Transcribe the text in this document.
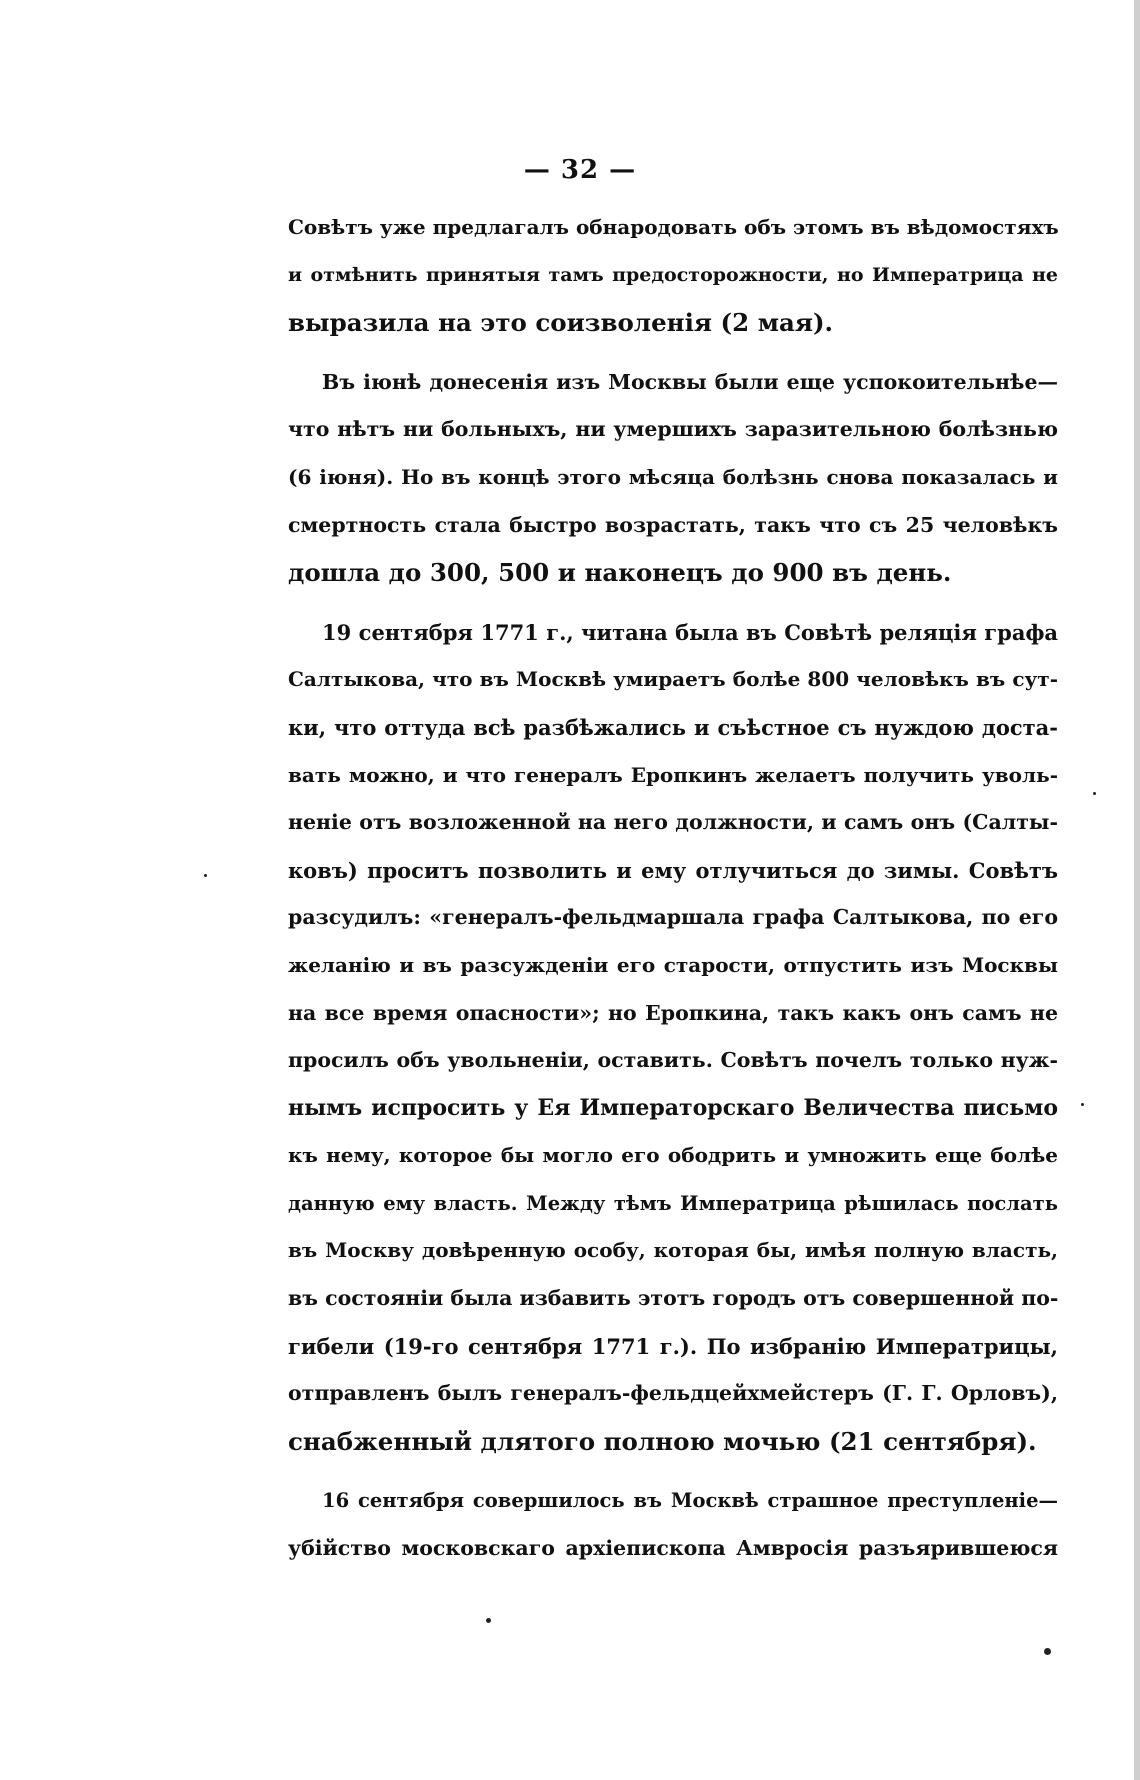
— 32 —
Совѣтъ уже предлагалъ обнародовать объ этомъ въ вѣдомостяхъ
и отмѣнить принятыя тамъ предосторожности, но Императрица не
выразила на это соизволенія (2 мая).
Въ іюнѣ донесенія изъ Москвы были еще успокоительнѣе—
что нѣтъ ни больныхъ, ни умершихъ заразительною болѣзнью
(6 іюня). Но въ концѣ этого мѣсяца болѣзнь снова показалась и
смертность стала быстро возрастать, такъ что съ 25 человѣкъ
дошла до 300, 500 и наконецъ до 900 въ день.
19 сентября 1771 г., читана была въ Совѣтѣ реляція графа
Салтыкова, что въ Москвѣ умираетъ болѣе 800 человѣкъ въ сут-
ки, что оттуда всѣ разбѣжались и съѣстное съ нуждою доста-
вать можно, и что генералъ Еропкинъ желаетъ получить уволь-
неніе отъ возложенной на него должности, и самъ онъ (Салты-
ковъ) проситъ позволить и ему отлучиться до зимы. Совѣтъ
разсудилъ: «генералъ-фельдмаршала графа Салтыкова, по его
желанію и въ разсужденіи его старости, отпустить изъ Москвы
на все время опасности»; но Еропкина, такъ какъ онъ самъ не
просилъ объ увольненіи, оставить. Совѣтъ почелъ только нуж-
нымъ испросить у Ея Императорскаго Величества письмо
къ нему, которое бы могло его ободрить и умножить еще болѣе
данную ему власть. Между тѣмъ Императрица рѣшилась послать
въ Москву довѣренную особу, которая бы, имѣя полную власть,
въ состояніи была избавить этотъ городъ отъ совершенной по-
гибели (19-го сентября 1771 г.). По избранію Императрицы,
отправленъ былъ генералъ-фельдцейхмейстеръ (Г. Г. Орловъ),
снабженный длятого полною мочью (21 сентября).
16 сентября совершилось въ Москвѣ страшное преступленіе—
убійство московскаго архіепископа Амвросія разъярившеюся
